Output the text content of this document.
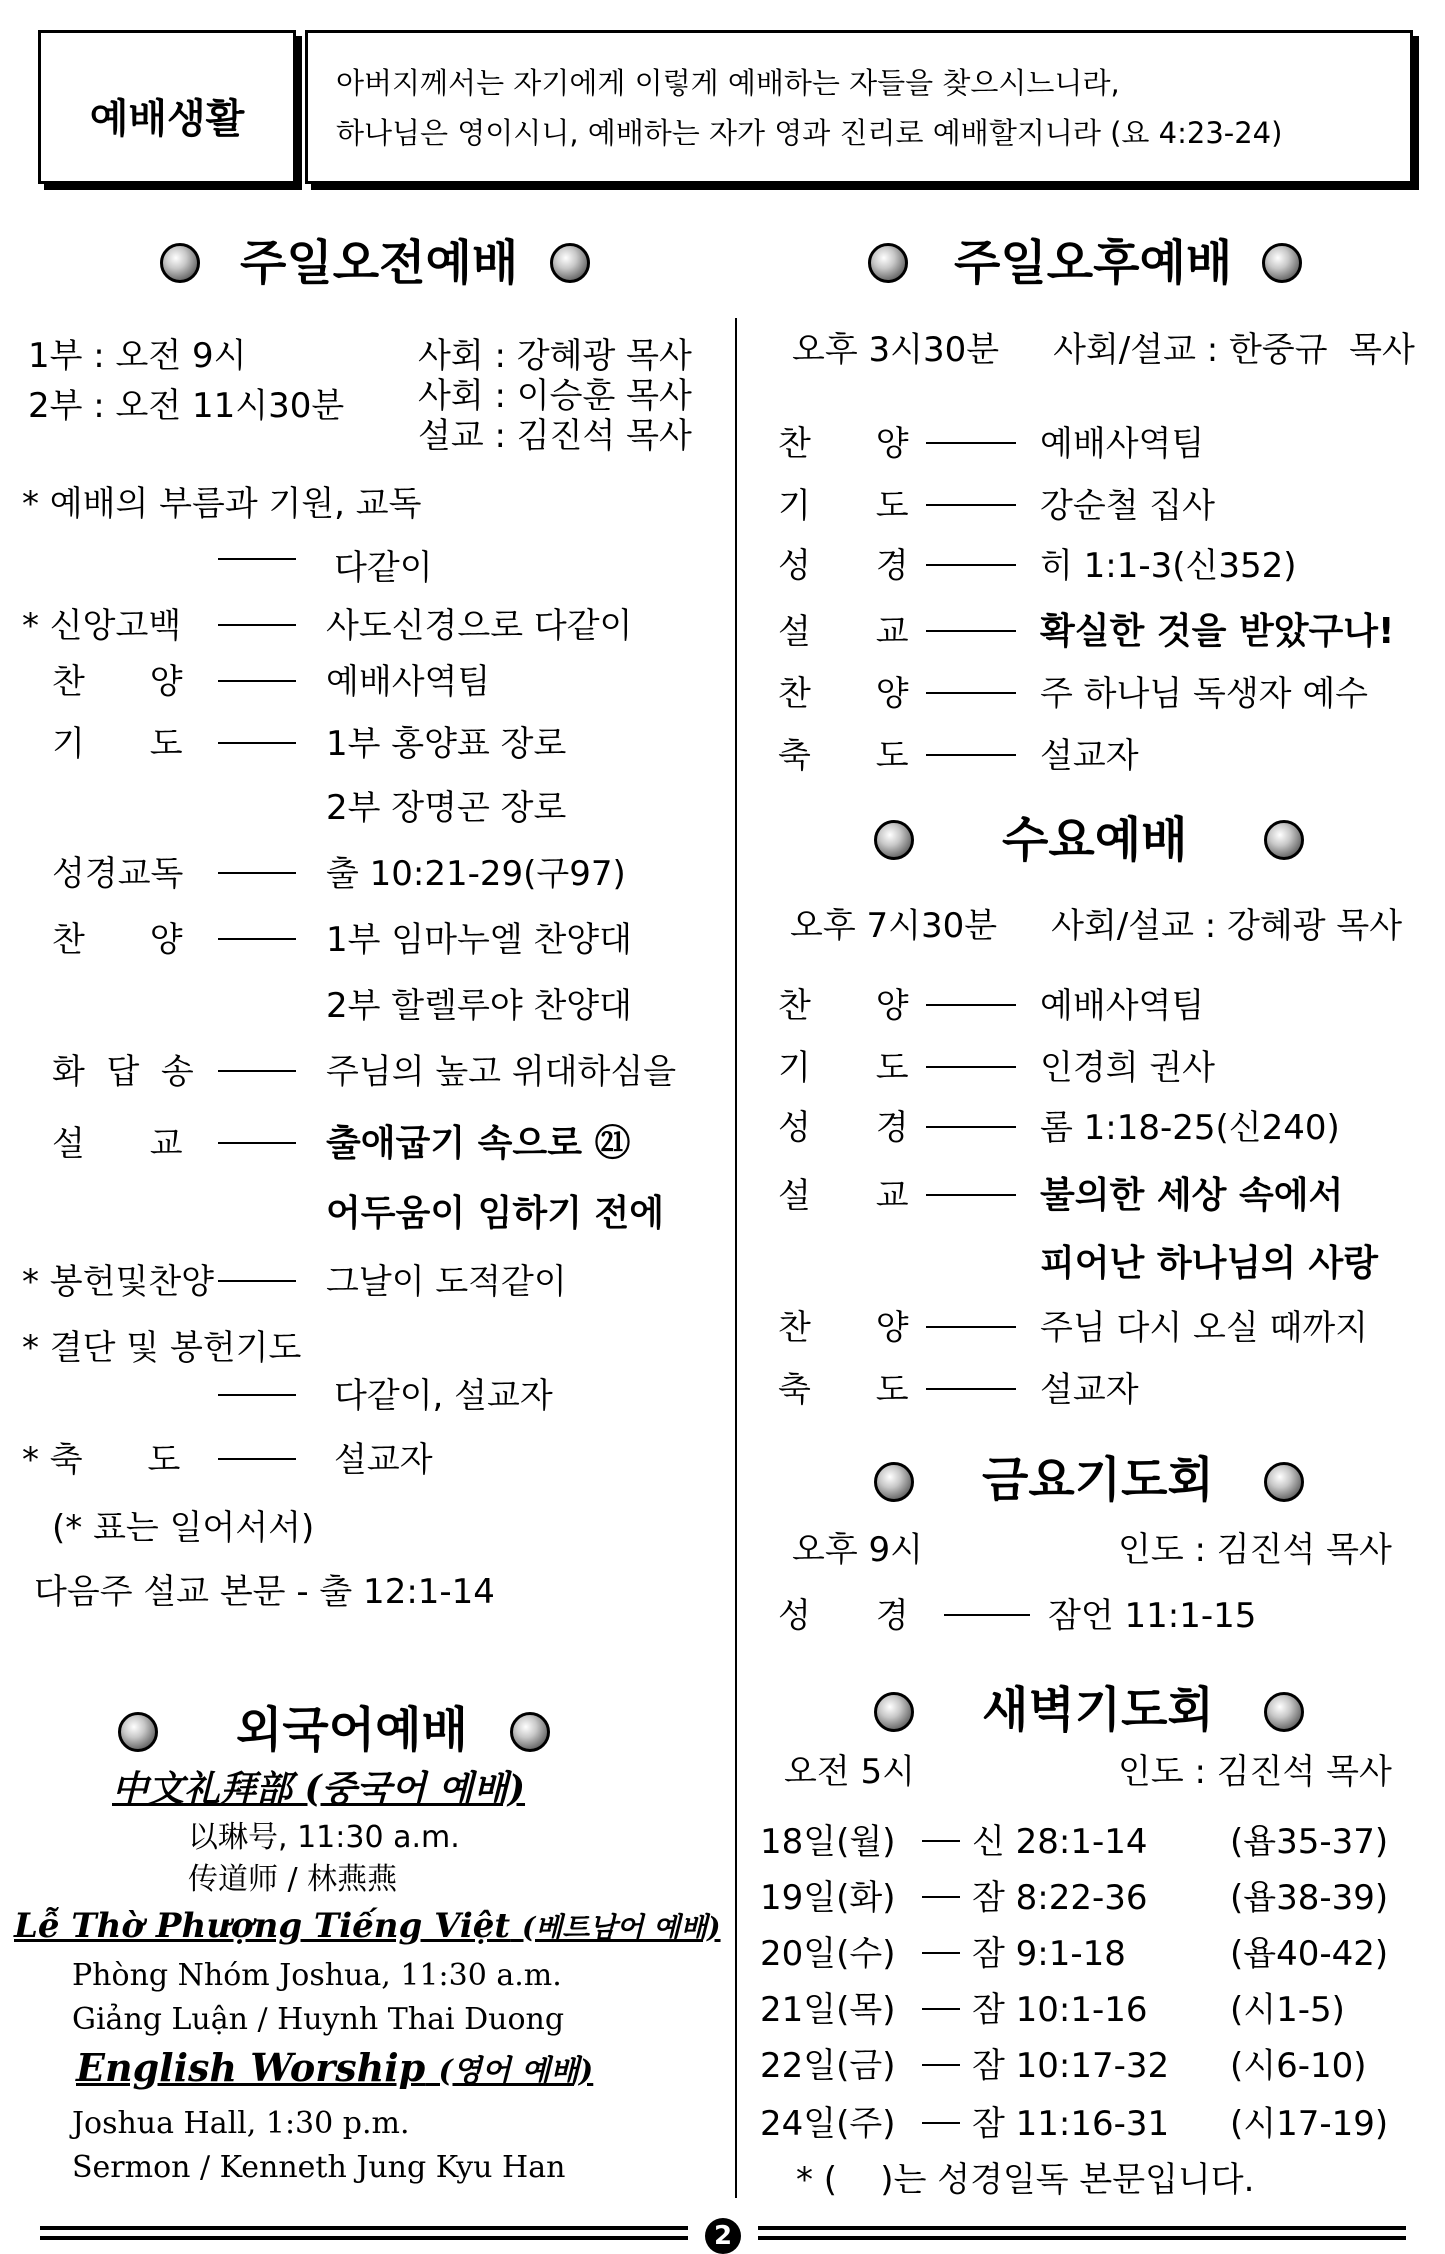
예배생활
아버지께서는 자기에게 이렇게 예배하는 자들을 찾으시느니라,
하나님은 영이시니, 예배하는 자가 영과 진리로 예배할지니라 (요 4:23-24)
주일오전예배
1부 : 오전 9시
2부 : 오전 11시30분
사회 : 강혜광 목사
사회 : 이승훈 목사
설교 : 김진석 목사
* 예배의 부름과 기원, 교독
다같이
* 신앙고백	사도신경으로 다같이
찬      양	예배사역팀
기      도	1부 홍양표 장로
2부 장명곤 장로
성경교독	출 10:21-29(구97)
찬      양	1부 임마누엘 찬양대
2부 할렐루야 찬양대
화  답  송	주님의 높고 위대하심을
설      교	출애굽기 속으로 ㉑
어두움이 임하기 전에
* 봉헌및찬양	그날이 도적같이
* 결단 및 봉헌기도
다같이, 설교자
* 축      도	설교자
(* 표는 일어서서)
다음주 설교 본문 - 출 12:1-14
외국어예배
中文礼拜部 (중국어 예배)
以琳号, 11:30 a.m.
传道师 / 林燕燕
Lễ Thờ Phượng Tiếng Việt (베트남어 예배)
Phòng Nhóm Joshua, 11:30 a.m.
Giảng Luận / Huynh Thai Duong
English Worship (영어 예배)
Joshua Hall, 1:30 p.m.
Sermon / Kenneth Jung Kyu Han
주일오후예배
오후 3시30분     사회/설교 : 한중규  목사
찬      양	예배사역팀
기      도	강순철 집사
성      경	히 1:1-3(신352)
설      교	확실한 것을 받았구나!
찬      양	주 하나님 독생자 예수
축      도	설교자
수요예배
오후 7시30분     사회/설교 : 강혜광 목사
찬      양	예배사역팀
기      도	인경희 권사
성      경	롬 1:18-25(신240)
설      교	불의한 세상 속에서
피어난 하나님의 사랑
찬      양	주님 다시 오실 때까지
축      도	설교자
금요기도회
오후 9시	인도 : 김진석 목사
성      경	잠언 11:1-15
새벽기도회
오전 5시	인도 : 김진석 목사
18일(월) 신 28:1-14 (욥35-37)
19일(화) 잠 8:22-36 (욥38-39)
20일(수) 잠 9:1-18	(욥40-42)
21일(목) 잠 10:1-16 (시1-5)
22일(금) 잠 10:17-32 (시6-10)
24일(주) 잠 11:16-31 (시17-19)
* (    )는 성경일독 본문입니다.
2
